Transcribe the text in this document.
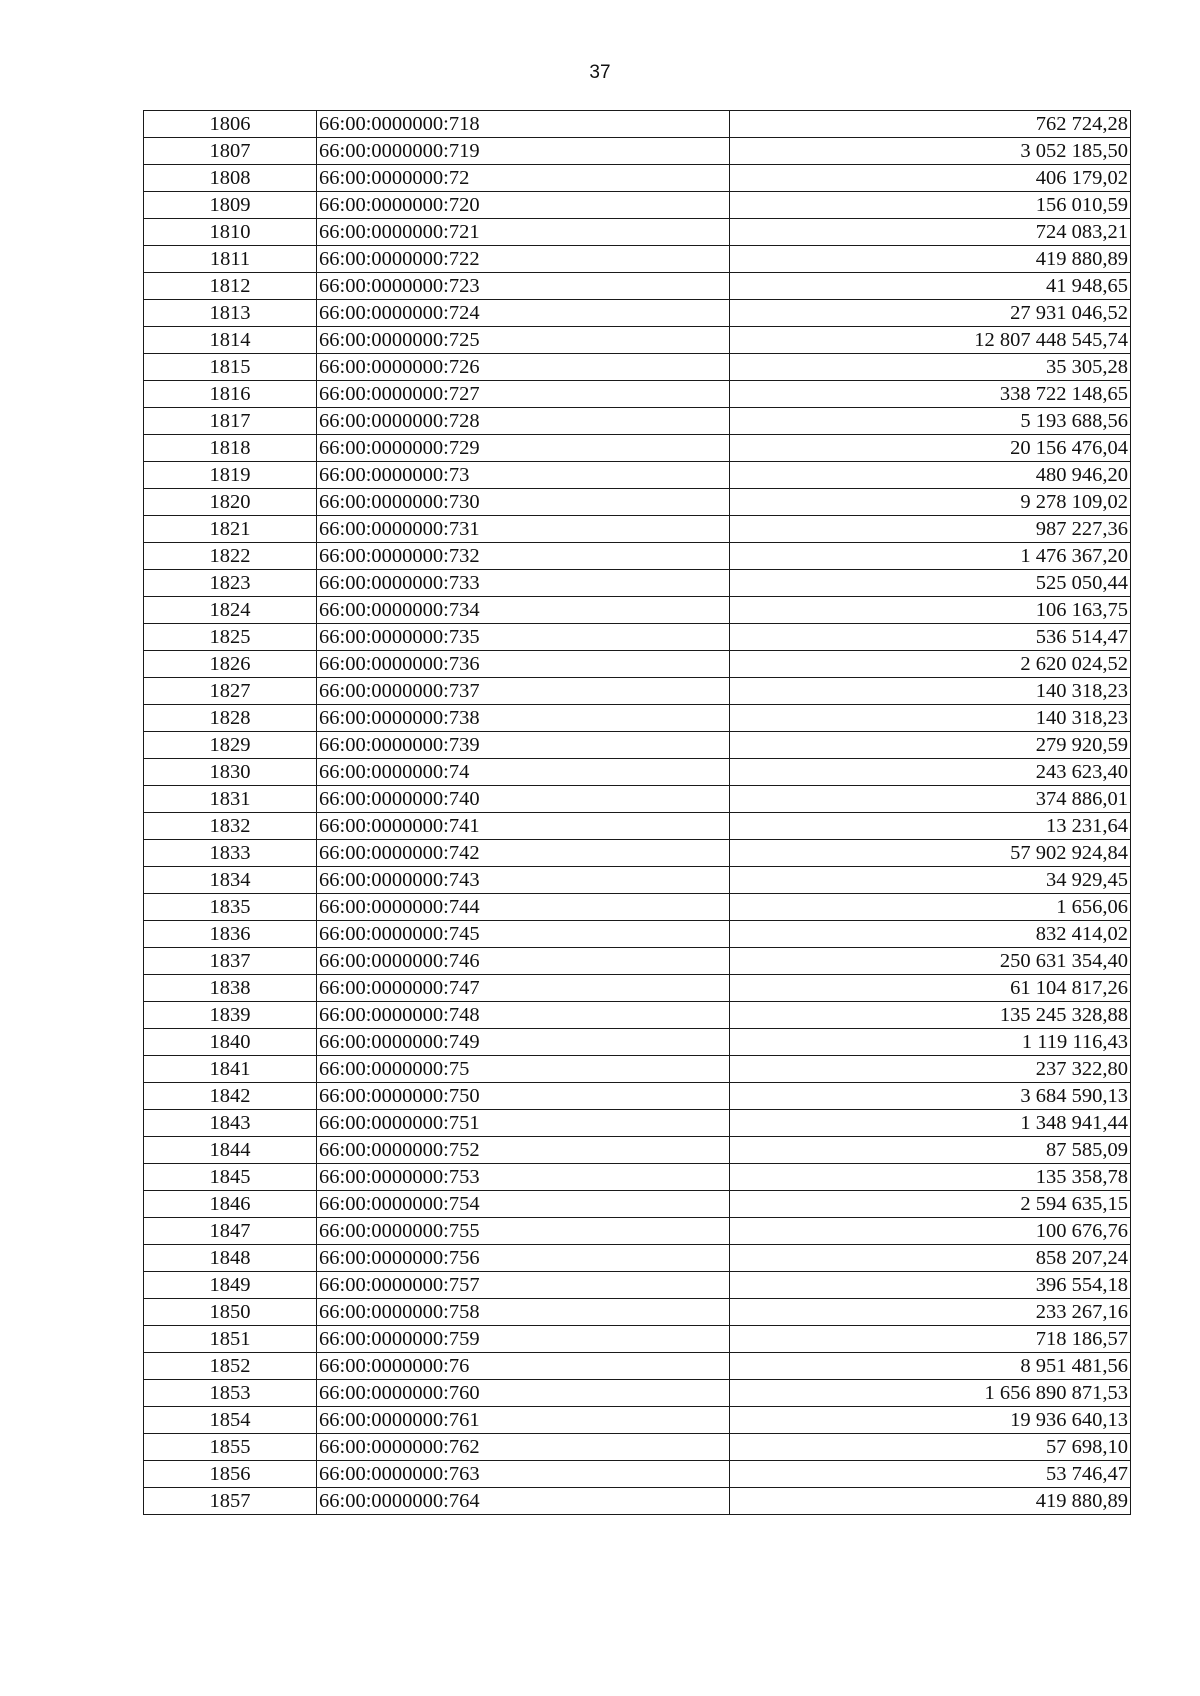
37
1806	66:00:0000000:718	762 724,28
1807	66:00:0000000:719	3 052 185,50
1808	66:00:0000000:72	406 179,02
1809	66:00:0000000:720	156 010,59
1810	66:00:0000000:721	724 083,21
1811	66:00:0000000:722	419 880,89
1812	66:00:0000000:723	41 948,65
1813	66:00:0000000:724	27 931 046,52
1814	66:00:0000000:725	12 807 448 545,74
1815	66:00:0000000:726	35 305,28
1816	66:00:0000000:727	338 722 148,65
1817	66:00:0000000:728	5 193 688,56
1818	66:00:0000000:729	20 156 476,04
1819	66:00:0000000:73	480 946,20
1820	66:00:0000000:730	9 278 109,02
1821	66:00:0000000:731	987 227,36
1822	66:00:0000000:732	1 476 367,20
1823	66:00:0000000:733	525 050,44
1824	66:00:0000000:734	106 163,75
1825	66:00:0000000:735	536 514,47
1826	66:00:0000000:736	2 620 024,52
1827	66:00:0000000:737	140 318,23
1828	66:00:0000000:738	140 318,23
1829	66:00:0000000:739	279 920,59
1830	66:00:0000000:74	243 623,40
1831	66:00:0000000:740	374 886,01
1832	66:00:0000000:741	13 231,64
1833	66:00:0000000:742	57 902 924,84
1834	66:00:0000000:743	34 929,45
1835	66:00:0000000:744	1 656,06
1836	66:00:0000000:745	832 414,02
1837	66:00:0000000:746	250 631 354,40
1838	66:00:0000000:747	61 104 817,26
1839	66:00:0000000:748	135 245 328,88
1840	66:00:0000000:749	1 119 116,43
1841	66:00:0000000:75	237 322,80
1842	66:00:0000000:750	3 684 590,13
1843	66:00:0000000:751	1 348 941,44
1844	66:00:0000000:752	87 585,09
1845	66:00:0000000:753	135 358,78
1846	66:00:0000000:754	2 594 635,15
1847	66:00:0000000:755	100 676,76
1848	66:00:0000000:756	858 207,24
1849	66:00:0000000:757	396 554,18
1850	66:00:0000000:758	233 267,16
1851	66:00:0000000:759	718 186,57
1852	66:00:0000000:76	8 951 481,56
1853	66:00:0000000:760	1 656 890 871,53
1854	66:00:0000000:761	19 936 640,13
1855	66:00:0000000:762	57 698,10
1856	66:00:0000000:763	53 746,47
1857	66:00:0000000:764	419 880,89
